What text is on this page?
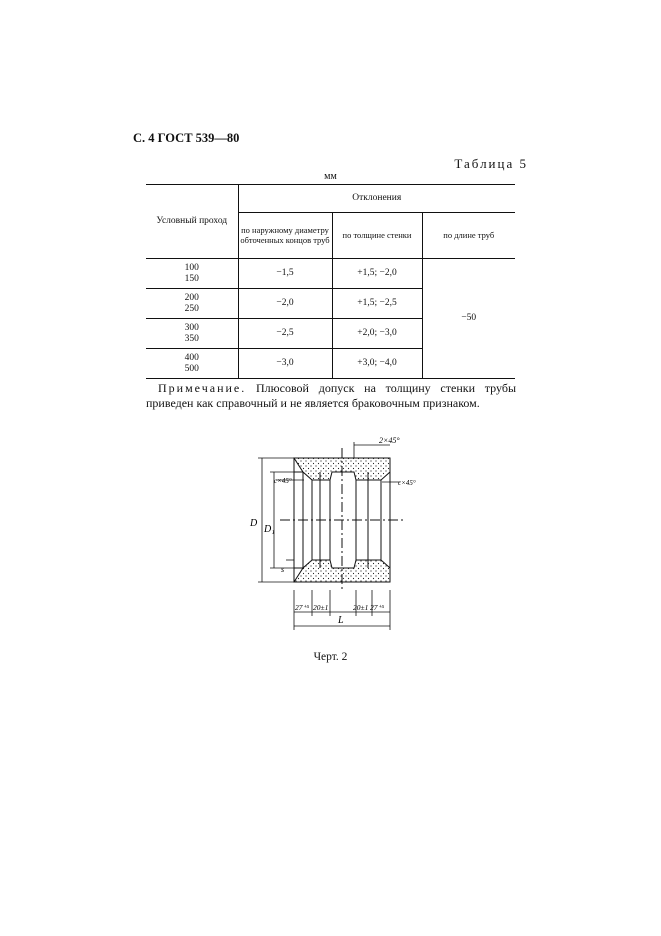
С. 4 ГОСТ 539—80
Таблица 5
мм
Условный проход	Отклонения		
	по наружному диаметру обточенных концов труб	по толщине стенки	по длине труб
100
150	−1,5	+1,5; −2,0	−50
200
250	−2,0	+1,5; −2,5	
300
350	−2,5	+2,0; −3,0	
400
500	−3,0	+3,0; −4,0	
Примечание. Плюсовой допуск на толщину стенки трубы приведен как справочный и не является браковочным признаком.
2×45°
c×45°	c×45°
D
D₁
s
27⁺⁵ 20±1	20±1 27⁺⁵
L
Черт. 2
